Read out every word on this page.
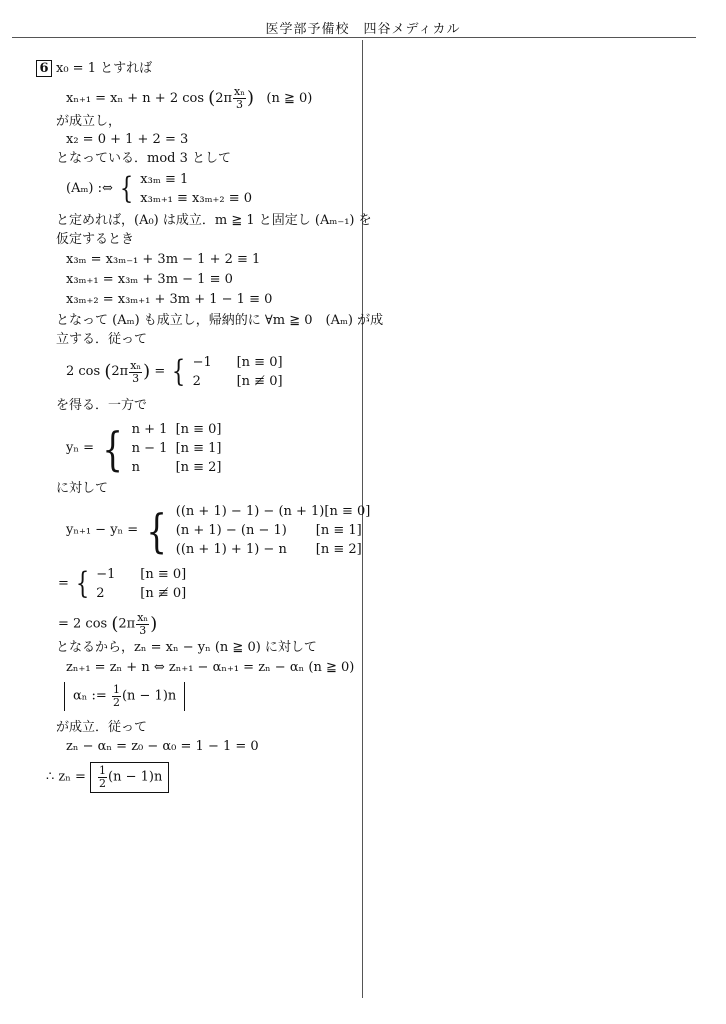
医学部予備校　四谷メディカル
6 x₀ = 1 とすれば
xₙ₊₁ = xₙ + n + 2 $\cos (2\pi \frac{\text{xₙ}}{3}$ ) (n ≧ 0)
が成立し，
x₂ = 0 + 1 + 2 = 3
となっている．mod 3 として
(Aₘ) :⇔ { x₃ₘ ≡ 1
x₃ₘ₊₁ ≡ x₃ₘ₊₂ ≡ 0
と定めれば，(A₀) は成立．m ≧ 1 と固定し (Aₘ₋₁) を
仮定するとき
x₃ₘ = x₃ₘ₋₁ + 3m − 1 + 2 ≡ 1
x₃ₘ₊₁ = x₃ₘ + 3m − 1 ≡ 0
x₃ₘ₊₂ = x₃ₘ₊₁ + 3m + 1 − 1 ≡ 0
となって (Aₘ) も成立し，帰納的に ∀m ≧ 0　(Aₘ) が成
立する．従って
2 $\cos (2\pi \frac{\text{xₙ}}{3}$ ) = { −1 [n ≡ 0]
2	[n ≢ 0]
を得る．一方で
yₙ = { n + 1 [n ≡ 0]
n − 1 [n ≡ 1]
n	[n ≡ 2]
に対して
yₙ₊₁ − yₙ = { ((n + 1) − 1) − (n + 1)[n ≡ 0]
(n + 1) − (n − 1) [n ≡ 1]
((n + 1) + 1) − n [n ≡ 2]
= { −1 [n ≡ 0]
2	[n ≢ 0]
= 2 $\cos (2\pi \frac{\text{xₙ}}{3}$ )
となるから，zₙ = xₙ − yₙ (n ≧ 0) に対して
zₙ₊₁ = zₙ + n ⇔ zₙ₊₁ − αₙ₊₁ = zₙ − αₙ (n ≧ 0)
αₙ := $\frac{1}{2} (n - 1)n$
が成立．従って
zₙ − αₙ = z₀ − α₀ = 1 − 1 = 0
∴ $z_n = \frac{1}{2} (n - 1)n$
